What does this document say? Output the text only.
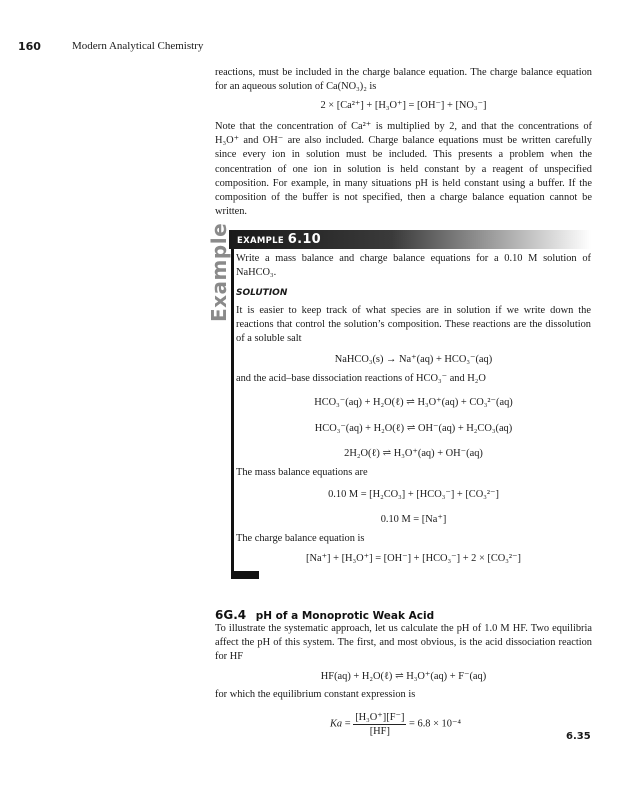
160	Modern Analytical Chemistry
reactions, must be included in the charge balance equation. The charge balance equation for an aqueous solution of Ca(NO₃)₂ is
2 × [Ca²⁺] + [H₃O⁺] = [OH⁻] + [NO₃⁻]
Note that the concentration of Ca²⁺ is multiplied by 2, and that the concentrations of H₃O⁺ and OH⁻ are also included. Charge balance equations must be written carefully since every ion in solution must be included. This presents a problem when the concentration of one ion in solution is held constant by a reagent of unspecified composition. For example, in many situations pH is held constant using a buffer. If the composition of the buffer is not specified, then a charge balance equation cannot be written.
EXAMPLE 6.10
Example Write a mass balance and charge balance equations for a 0.10 M solution of NaHCO₃.
SOLUTION
It is easier to keep track of what species are in solution if we write down the reactions that control the solution’s composition. These reactions are the dissolution of a soluble salt
NaHCO₃(s) → Na⁺(aq) + HCO₃⁻(aq)
and the acid–base dissociation reactions of HCO₃⁻ and H₂O
HCO₃⁻(aq) + H₂O(ℓ) ⇌ H₃O⁺(aq) + CO₃²⁻(aq)
HCO₃⁻(aq) + H₂O(ℓ) ⇌ OH⁻(aq) + H₂CO₃(aq)
2H₂O(ℓ) ⇌ H₃O⁺(aq) + OH⁻(aq)
The mass balance equations are
0.10 M = [H₂CO₃] + [HCO₃⁻] + [CO₃²⁻]
0.10 M = [Na⁺]
The charge balance equation is
[Na⁺] + [H₃O⁺] = [OH⁻] + [HCO₃⁻] + 2 × [CO₃²⁻]
6G.4 pH of a Monoprotic Weak Acid
To illustrate the systematic approach, let us calculate the pH of 1.0 M HF. Two equilibria affect the pH of this system. The first, and most obvious, is the acid dissociation reaction for HF
HF(aq) + H₂O(ℓ) ⇌ H₃O⁺(aq) + F⁻(aq)
for which the equilibrium constant expression is
$Ka = \frac{\text{[H₃O⁺][F⁻]}}{[HF]} = 6.8 \times 10^{-4}$
6.35
